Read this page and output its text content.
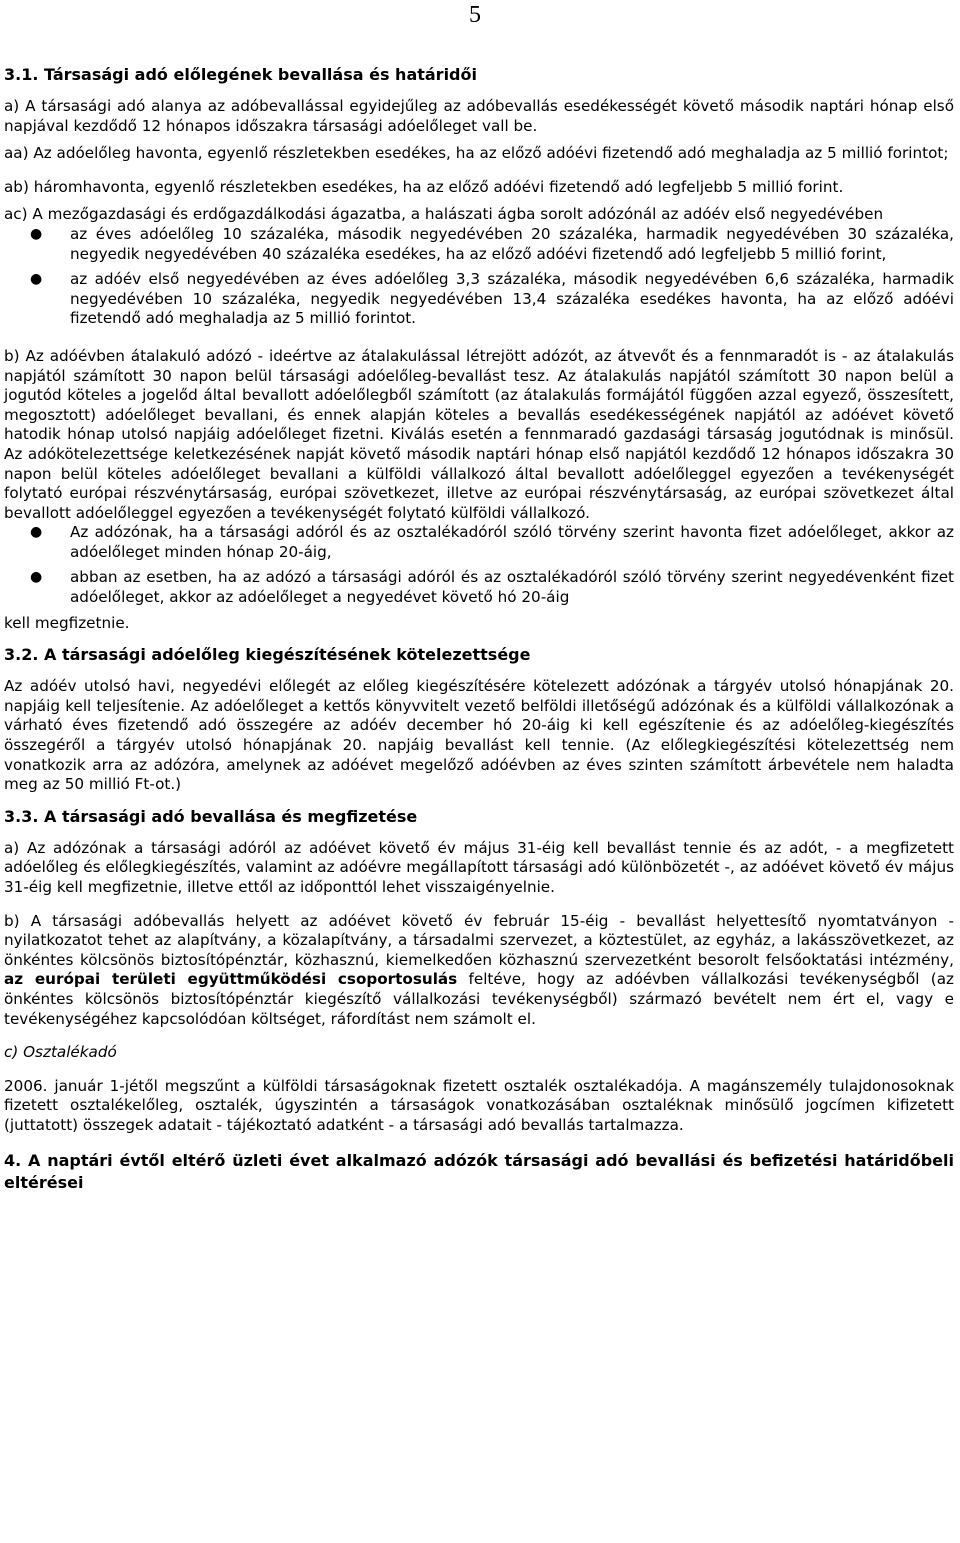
5

3.1. Társasági adó előlegének bevallása és határidői

a) A társasági adó alanya az adóbevallással egyidejűleg az adóbevallás esedékességét követő második naptári hónap első napjával kezdődő 12 hónapos időszakra társasági adóelőleget vall be.

aa) Az adóelőleg havonta, egyenlő részletekben esedékes, ha az előző adóévi fizetendő adó meghaladja az 5 millió forintot;

ab) háromhavonta, egyenlő részletekben esedékes, ha az előző adóévi fizetendő adó legfeljebb 5 millió forint.

ac) A mezőgazdasági és erdőgazdálkodási ágazatba, a halászati ágba sorolt adózónál az adóév első negyedévében

● az éves adóelőleg 10 százaléka, második negyedévében 20 százaléka, harmadik negyedévében 30 százaléka, negyedik negyedévében 40 százaléka esedékes, ha az előző adóévi fizetendő adó legfeljebb 5 millió forint,
● az adóév első negyedévében az éves adóelőleg 3,3 százaléka, második negyedévében 6,6 százaléka, harmadik negyedévében 10 százaléka, negyedik negyedévében 13,4 százaléka esedékes havonta, ha az előző adóévi fizetendő adó meghaladja az 5 millió forintot.

b) Az adóévben átalakuló adózó - ideértve az átalakulással létrejött adózót, az átvevőt és a fennmaradót is - az átalakulás napjától számított 30 napon belül társasági adóelőleg-bevallást tesz. Az átalakulás napjától számított 30 napon belül a jogutód köteles a jogelőd által bevallott adóelőlegből számított (az átalakulás formájától függően azzal egyező, összesített, megosztott) adóelőleget bevallani, és ennek alapján köteles a bevallás esedékességének napjától az adóévet követő hatodik hónap utolsó napjáig adóelőleget fizetni. Kiválás esetén a fennmaradó gazdasági társaság jogutódnak is minősül. Az adókötelezettsége keletkezésének napját követő második naptári hónap első napjától kezdődő 12 hónapos időszakra 30 napon belül köteles adóelőleget bevallani a külföldi vállalkozó által bevallott adóelőleggel egyezően a tevékenységét folytató európai részvénytársaság, európai szövetkezet, illetve az európai részvénytársaság, az európai szövetkezet által bevallott adóelőleggel egyezően a tevékenységét folytató külföldi vállalkozó.

● Az adózónak, ha a társasági adóról és az osztalékadóról szóló törvény szerint havonta fizet adóelőleget, akkor az adóelőleget minden hónap 20-áig,
● abban az esetben, ha az adózó a társasági adóról és az osztalékadóról szóló törvény szerint negyedévenként fizet adóelőleget, akkor az adóelőleget a negyedévet követő hó 20-áig

kell megfizetnie.

3.2. A társasági adóelőleg kiegészítésének kötelezettsége

Az adóév utolsó havi, negyedévi előlegét az előleg kiegészítésére kötelezett adózónak a tárgyév utolsó hónapjának 20. napjáig kell teljesítenie. Az adóelőleget a kettős könyvvitelt vezető belföldi illetőségű adózónak és a külföldi vállalkozónak a várható éves fizetendő adó összegére az adóév december hó 20-áig ki kell egészítenie és az adóelőleg-kiegészítés összegéről a tárgyév utolsó hónapjának 20. napjáig bevallást kell tennie. (Az előlegkiegészítési kötelezettség nem vonatkozik arra az adózóra, amelynek az adóévet megelőző adóévben az éves szinten számított árbevétele nem haladta meg az 50 millió Ft-ot.)

3.3. A társasági adó bevallása és megfizetése

a) Az adózónak a társasági adóról az adóévet követő év május 31-éig kell bevallást tennie és az adót, - a megfizetett adóelőleg és előlegkiegészítés, valamint az adóévre megállapított társasági adó különbözetét -, az adóévet követő év május 31-éig kell megfizetnie, illetve ettől az időponttól lehet visszaigényelnie.

b) A társasági adóbevallás helyett az adóévet követő év február 15-éig - bevallást helyettesítő nyomtatványon - nyilatkozatot tehet az alapítvány, a közalapítvány, a társadalmi szervezet, a köztestület, az egyház, a lakásszövetkezet, az önkéntes kölcsönös biztosítópénztár, közhasznú, kiemelkedően közhasznú szervezetként besorolt felsőoktatási intézmény, az európai területi együttműködési csoportosulás feltéve, hogy az adóévben vállalkozási tevékenységből (az önkéntes kölcsönös biztosítópénztár kiegészítő vállalkozási tevékenységből) származó bevételt nem ért el, vagy e tevékenységéhez kapcsolódóan költséget, ráfordítást nem számolt el.

c) Osztalékadó

2006. január 1-jétől megszűnt a külföldi társaságoknak fizetett osztalék osztalékadója. A magánszemély tulajdonosoknak fizetett osztalékelőleg, osztalék, úgyszintén a társaságok vonatkozásában osztaléknak minősülő jogcímen kifizetett (juttatott) összegek adatait - tájékoztató adatként - a társasági adó bevallás tartalmazza.

4. A naptári évtől eltérő üzleti évet alkalmazó adózók társasági adó bevallási és befizetési határidőbeli eltérései
